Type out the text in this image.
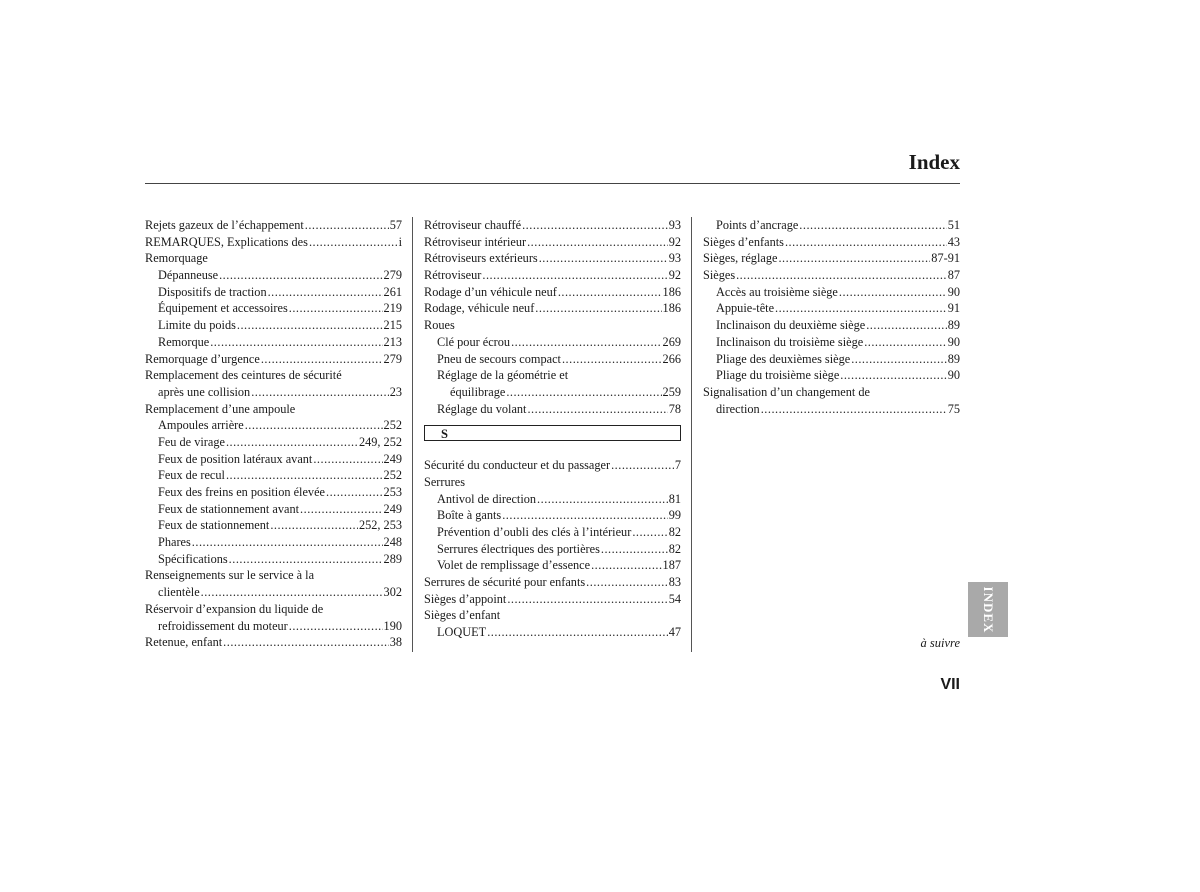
Index
Rejets gazeux de l’échappement .....	57
REMARQUES, Explications des .....	i
Remorquage
Dépanneuse .....	279
Dispositifs de traction .....	261
Équipement et accessoires .....	219
Limite du poids .....	215
Remorque .....	213
Remorquage d’urgence .....	279
Remplacement des ceintures de sécurité
après une collision .....	23
Remplacement d’une ampoule
Ampoules arrière .....	252
Feu de virage .....	249, 252
Feux de position latéraux avant .....	249
Feux de recul .....	252
Feux des freins en position élevée .....	253
Feux de stationnement avant .....	249
Feux de stationnement .....	252, 253
Phares .....	248
Spécifications .....	289
Renseignements sur le service à la
clientèle .....	302
Réservoir d’expansion du liquide de
refroidissement du moteur .....	190
Retenue, enfant .....	38
Rétroviseur chauffé .....	93
Rétroviseur intérieur .....	92
Rétroviseurs extérieurs .....	93
Rétroviseur .....	92
Rodage d’un véhicule neuf .....	186
Rodage, véhicule neuf .....	186
Roues
Clé pour écrou .....	269
Pneu de secours compact .....	266
Réglage de la géométrie et
équilibrage .....	259
Réglage du volant .....	78
S
Sécurité du conducteur et du passager .....	7
Serrures
Antivol de direction .....	81
Boîte à gants .....	99
Prévention d’oubli des clés à l’intérieur .....	82
Serrures électriques des portières .....	82
Volet de remplissage d’essence .....	187
Serrures de sécurité pour enfants .....	83
Sièges d’appoint .....	54
Sièges d’enfant
LOQUET .....	47
Points d’ancrage .....	51
Sièges d’enfants .....	43
Sièges, réglage .....	87-91
Sièges .....	87
Accès au troisième siège .....	90
Appuie-tête .....	91
Inclinaison du deuxième siège .....	89
Inclinaison du troisième siège .....	90
Pliage des deuxièmes siège .....	89
Pliage du troisième siège .....	90
Signalisation d’un changement de
direction .....	75
INDEX
à suivre
VII
